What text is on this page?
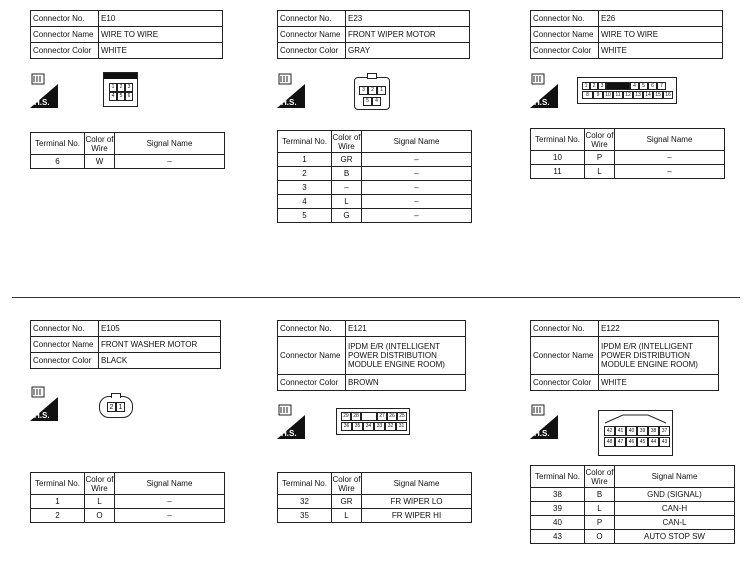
Connector No.	E10
Connector Name	WIRE TO WIRE
Connector Color	WHITE
H.S.
1	2	3
4	5	6
Terminal No.	Color of Wire	Signal Name
6	W	–
Connector No.	E23
Connector Name	FRONT WIPER MOTOR
Connector Color	GRAY
H.S.
3	2	1
5	4
Terminal No.	Color of Wire	Signal Name
1	GR	–
2	B	–
3	–	–
4	L	–
5	G	–
Connector No.	E26
Connector Name	WIRE TO WIRE
Connector Color	WHITE
H.S.
1	2	3	4	5	6	7
8	9	10 11 12 13 14 15 16
Terminal No.	Color of Wire	Signal Name
10	P	–
11	L	–
Connector No.	E105
Connector Name	FRONT WASHER MOTOR
Connector Color	BLACK
H.S.
2 1
Terminal No.	Color of Wire	Signal Name
1	L	–
2	O	–
Connector No.	E121
Connector Name	IPDM E/R (INTELLIGENT POWER DISTRIBUTION MODULE ENGINE ROOM)
Connector Color	BROWN
H.S.
29 28	27 26 25
36	35	34	33	32	31
Terminal No.	Color of Wire	Signal Name
32	GR	FR WIPER LO
35	L	FR WIPER HI
Connector No.	E122
Connector Name	IPDM E/R (INTELLIGENT POWER DISTRIBUTION MODULE ENGINE ROOM)
Connector Color	WHITE
H.S.	42	41	40	39	38	37
48	47	46	45	44	43
Terminal No.	Color of Wire	Signal Name
38	B	GND (SIGNAL)
39	L	CAN-H
40	P	CAN-L
43	O	AUTO STOP SW
